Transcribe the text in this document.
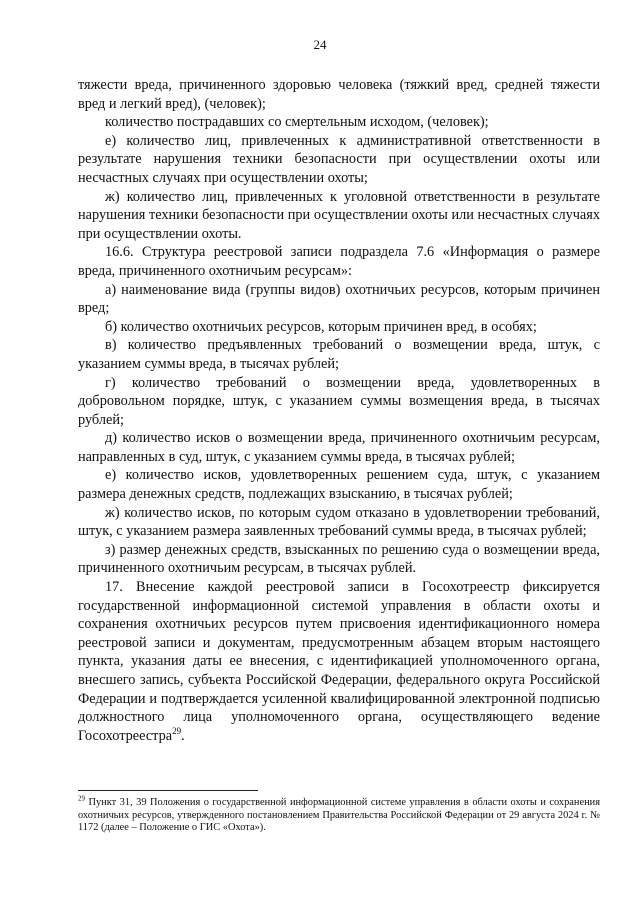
24

тяжести вреда, причиненного здоровью человека (тяжкий вред, средней тяжести вред и легкий вред), (человек);

количество пострадавших со смертельным исходом, (человек);

е) количество лиц, привлеченных к административной ответственности в результате нарушения техники безопасности при осуществлении охоты или несчастных случаях при осуществлении охоты;

ж) количество лиц, привлеченных к уголовной ответственности в результате нарушения техники безопасности при осуществлении охоты или несчастных случаях при осуществлении охоты.

16.6. Структура реестровой записи подраздела 7.6 «Информация о размере вреда, причиненного охотничьим ресурсам»:

а) наименование вида (группы видов) охотничьих ресурсов, которым причинен вред;

б) количество охотничьих ресурсов, которым причинен вред, в особях;

в) количество предъявленных требований о возмещении вреда, штук, с указанием суммы вреда, в тысячах рублей;

г) количество требований о возмещении вреда, удовлетворенных в добровольном порядке, штук, с указанием суммы возмещения вреда, в тысячах рублей;

д) количество исков о возмещении вреда, причиненного охотничьим ресурсам, направленных в суд, штук, с указанием суммы вреда, в тысячах рублей;

е) количество исков, удовлетворенных решением суда, штук, с указанием размера денежных средств, подлежащих взысканию, в тысячах рублей;

ж) количество исков, по которым судом отказано в удовлетворении требований, штук, с указанием размера заявленных требований суммы вреда, в тысячах рублей;

з) размер денежных средств, взысканных по решению суда о возмещении вреда, причиненного охотничьим ресурсам, в тысячах рублей.

17. Внесение каждой реестровой записи в Госохотреестр фиксируется государственной информационной системой управления в области охоты и сохранения охотничьих ресурсов путем присвоения идентификационного номера реестровой записи и документам, предусмотренным абзацем вторым настоящего пункта, указания даты ее внесения, с идентификацией уполномоченного органа, внесшего запись, субъекта Российской Федерации, федерального округа Российской Федерации и подтверждается усиленной квалифицированной электронной подписью должностного лица уполномоченного органа, осуществляющего ведение Госохотреестра$^{29}$.

$^{29}$ Пункт 31, 39 Положения о государственной информационной системе управления в области охоты и сохранения охотничьих ресурсов, утвержденного постановлением Правительства Российской Федерации от 29 августа 2024 г. № 1172 (далее – Положение о ГИС «Охота»).
